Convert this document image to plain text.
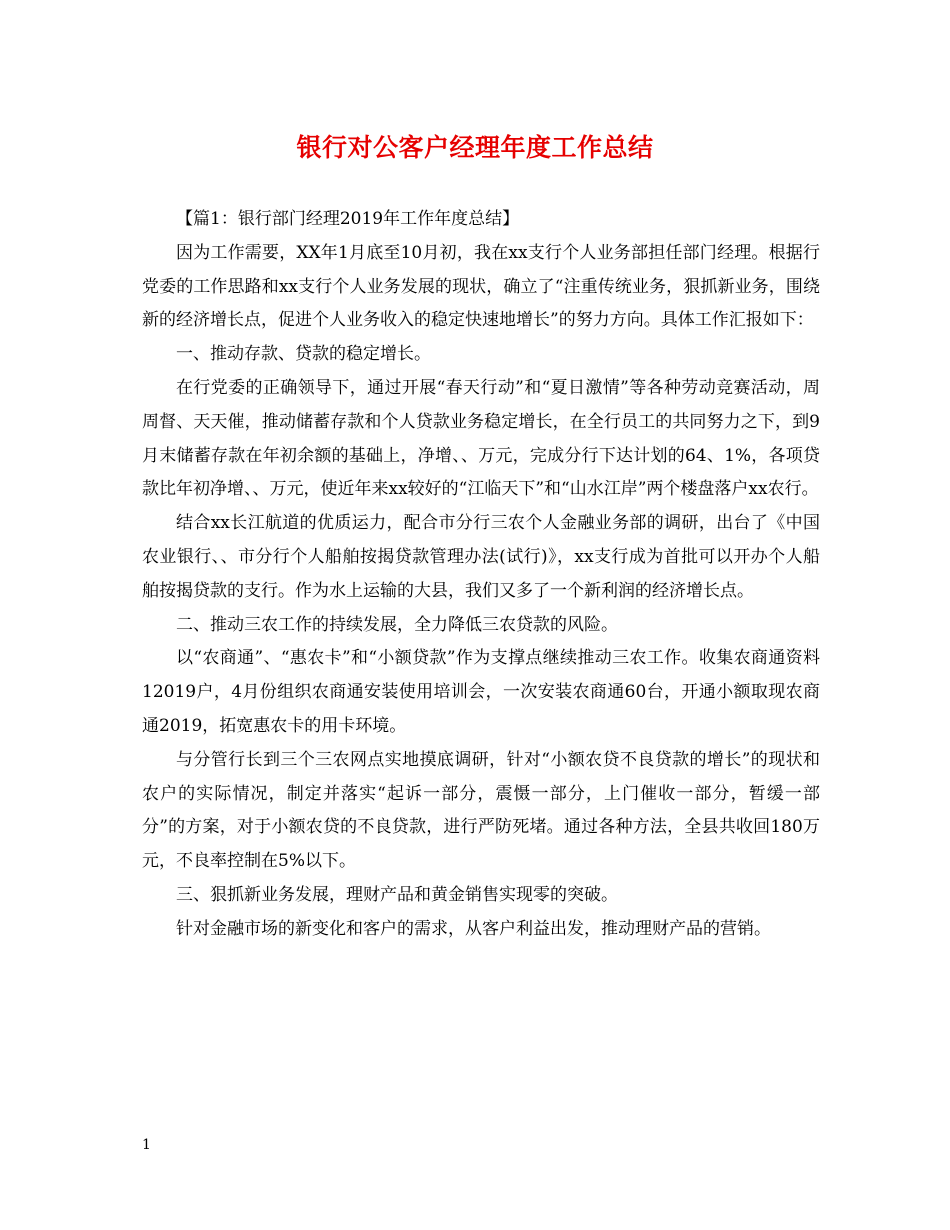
银行对公客户经理年度工作总结

【篇1：银行部门经理2019年工作年度总结】

因为工作需要，XX年1月底至10月初，我在xx支行个人业务部担任部门经理。根据行党委的工作思路和xx支行个人业务发展的现状，确立了“注重传统业务，狠抓新业务，围绕新的经济增长点，促进个人业务收入的稳定快速地增长”的努力方向。具体工作汇报如下：

一、推动存款、贷款的稳定增长。

在行党委的正确领导下，通过开展“春天行动”和“夏日激情”等各种劳动竞赛活动，周周督、天天催，推动储蓄存款和个人贷款业务稳定增长，在全行员工的共同努力之下，到9月末储蓄存款在年初余额的基础上，净增、、万元，完成分行下达计划的64、1%，各项贷款比年初净增、、万元，使近年来xx较好的“江临天下”和“山水江岸”两个楼盘落户xx农行。

结合xx长江航道的优质运力，配合市分行三农个人金融业务部的调研，出台了《中国农业银行、、市分行个人船舶按揭贷款管理办法(试行)》，xx支行成为首批可以开办个人船舶按揭贷款的支行。作为水上运输的大县，我们又多了一个新利润的经济增长点。

二、推动三农工作的持续发展，全力降低三农贷款的风险。

以“农商通”、“惠农卡”和“小额贷款”作为支撑点继续推动三农工作。收集农商通资料12019户，4月份组织农商通安装使用培训会，一次安装农商通60台，开通小额取现农商通2019，拓宽惠农卡的用卡环境。

与分管行长到三个三农网点实地摸底调研，针对“小额农贷不良贷款的增长”的现状和农户的实际情况，制定并落实“起诉一部分，震慑一部分，上门催收一部分，暂缓一部分”的方案，对于小额农贷的不良贷款，进行严防死堵。通过各种方法，全县共收回180万元，不良率控制在5%以下。

三、狠抓新业务发展，理财产品和黄金销售实现零的突破。

针对金融市场的新变化和客户的需求，从客户利益出发，推动理财产品的营销。

1
